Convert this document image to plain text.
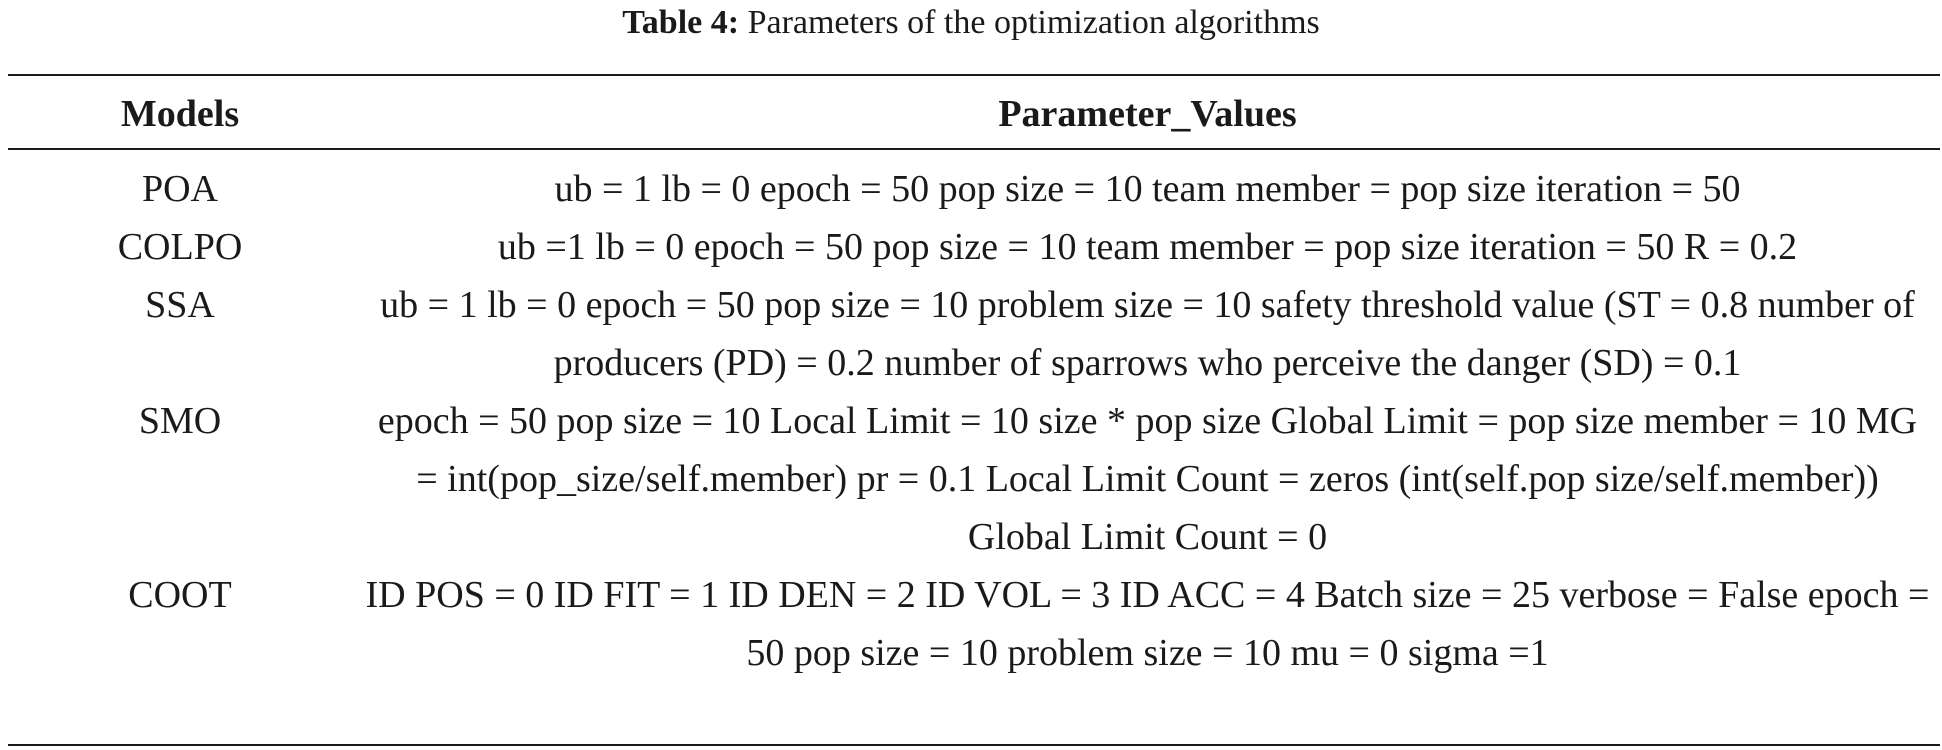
Table 4: Parameters of the optimization algorithms
Models	Parameter_Values
POA	ub = 1 lb = 0 epoch = 50 pop size = 10 team member = pop size iteration = 50
COLPO	ub =1 lb = 0 epoch = 50 pop size = 10 team member = pop size iteration = 50 R = 0.2
SSA	ub = 1 lb = 0 epoch = 50 pop size = 10 problem size = 10 safety threshold value (ST = 0.8 number of producers (PD) = 0.2 number of sparrows who perceive the danger (SD) = 0.1
SMO	epoch = 50 pop size = 10 Local Limit = 10 size * pop size Global Limit = pop size member = 10 MG = int(pop_size/self.member) pr = 0.1 Local Limit Count = zeros (int(self.pop size/self.member)) Global Limit Count = 0
COOT	ID POS = 0 ID FIT = 1 ID DEN = 2 ID VOL = 3 ID ACC = 4 Batch size = 25 verbose = False epoch = 50 pop size = 10 problem size = 10 mu = 0 sigma =1
